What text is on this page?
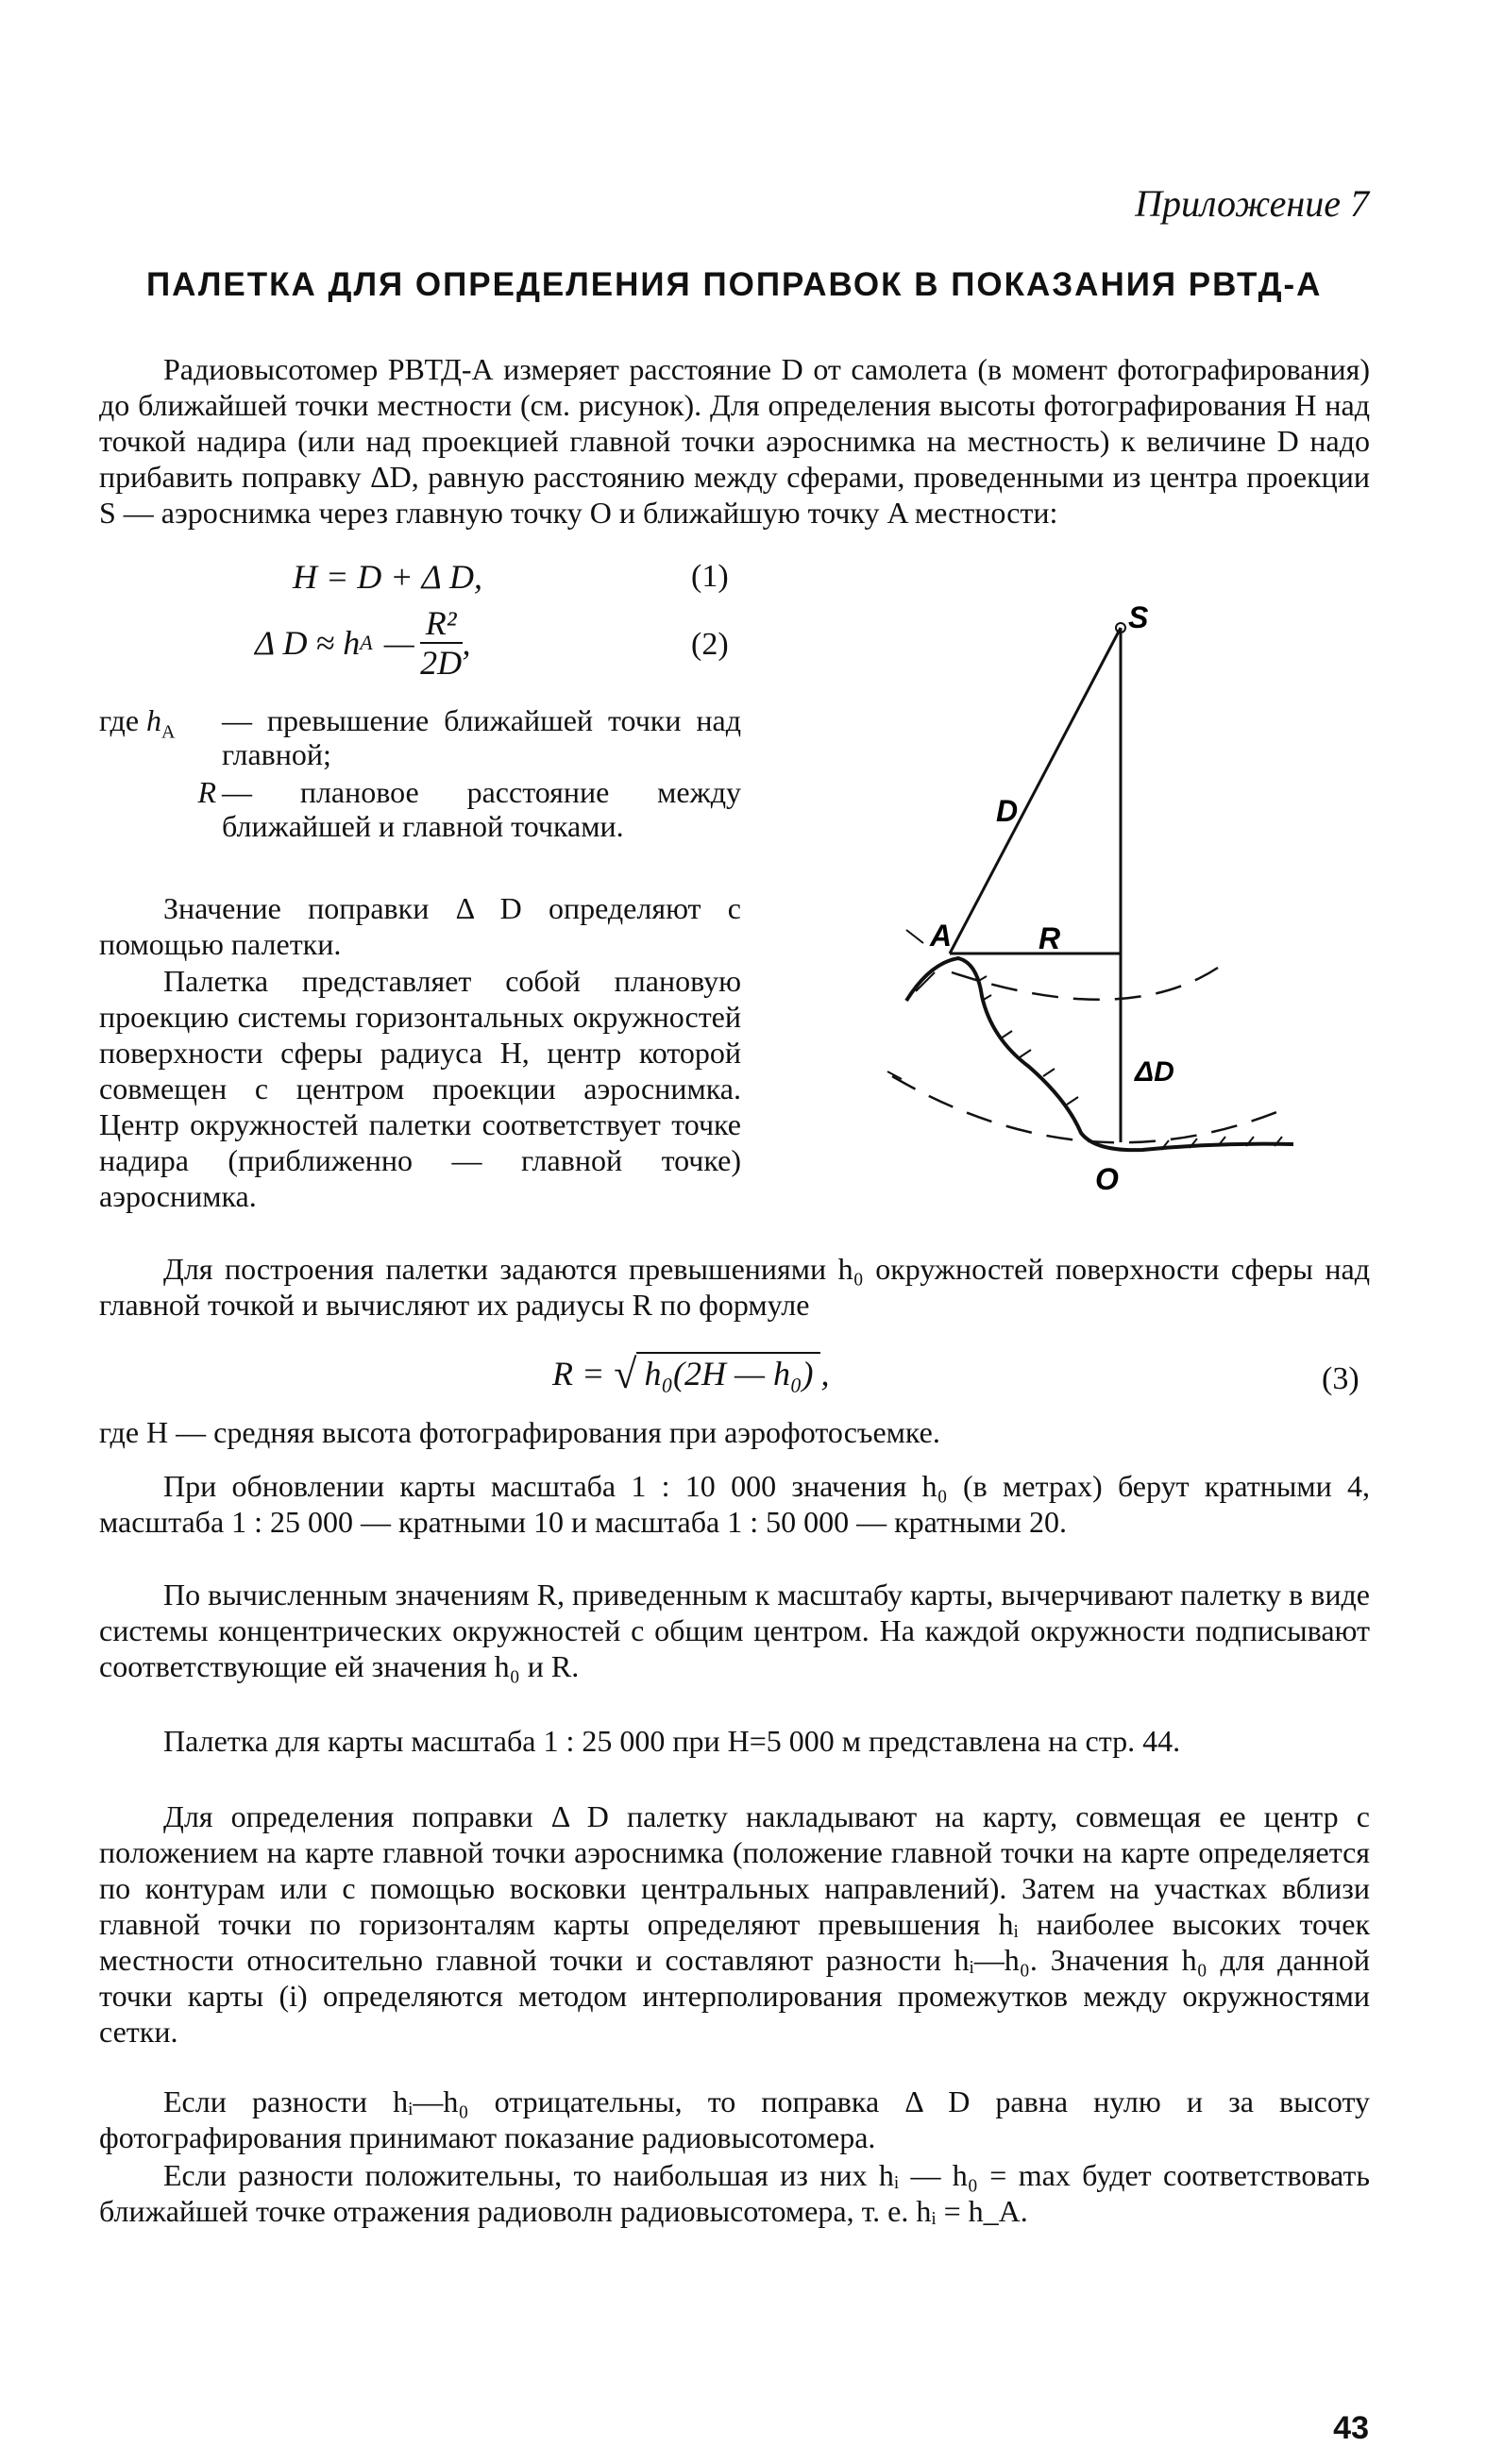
Приложение 7
ПАЛЕТКА ДЛЯ ОПРЕДЕЛЕНИЯ ПОПРАВОК В ПОКАЗАНИЯ РВТД-А
Радиовысотомер РВТД-А измеряет расстояние D от самолета (в момент фотографирования) до ближайшей точки местности (см. рисунок). Для определения высоты фотографирования H над точкой надира (или над проекцией главной точки аэроснимка на местность) к величине D надо прибавить поправку ΔD, равную расстоянию между сферами, проведенными из центра проекции S — аэроснимка через главную точку O и ближайшую точку A местности:
H = D + Δ D,	(1)
Δ D ≈ h A — $\frac{\text{R²}}{2D}$ ,	(2)
где $h_A$	— превышение ближайшей точки над главной;
R — плановое расстояние между ближайшей и главной точками.
Значение поправки Δ D определяют с помощью палетки.
Палетка представляет собой плановую проекцию системы горизонтальных окружностей поверхности сферы радиуса H, центр которой совмещен с центром проекции аэроснимка. Центр окружностей палетки соответствует точке надира (приближенно — главной точке) аэроснимка.
S
D
A	R
ΔD
O
Для построения палетки задаются превышениями h₀ окружностей поверхности сферы над главной точкой и вычисляют их радиусы R по формуле
R = √ h₀(2H — h₀) ,	(3)
где H — средняя высота фотографирования при аэрофотосъемке.
При обновлении карты масштаба 1 : 10 000 значения h₀ (в метрах) берут кратными 4, масштаба 1 : 25 000 — кратными 10 и масштаба 1 : 50 000 — кратными 20.
По вычисленным значениям R, приведенным к масштабу карты, вычерчивают палетку в виде системы концентрических окружностей с общим центром. На каждой окружности подписывают соответствующие ей значения h₀ и R.
Палетка для карты масштаба 1 : 25 000 при H=5 000 м представлена на стр. 44.
Для определения поправки Δ D палетку накладывают на карту, совмещая ее центр с положением на карте главной точки аэроснимка (положение главной точки на карте определяется по контурам или с помощью восковки центральных направлений). Затем на участках вблизи главной точки по горизонталям карты определяют превышения hᵢ наиболее высоких точек местности относительно главной точки и составляют разности hᵢ—h₀. Значения h₀ для данной точки карты (i) определяются методом интерполирования промежутков между окружностями сетки.
Если разности hᵢ—h₀ отрицательны, то поправка Δ D равна нулю и за высоту фотографирования принимают показание радиовысотомера.
Если разности положительны, то наибольшая из них hᵢ — h₀ = max будет соответствовать ближайшей точке отражения радиоволн радиовысотомера, т. е. hᵢ = h_A.
43
